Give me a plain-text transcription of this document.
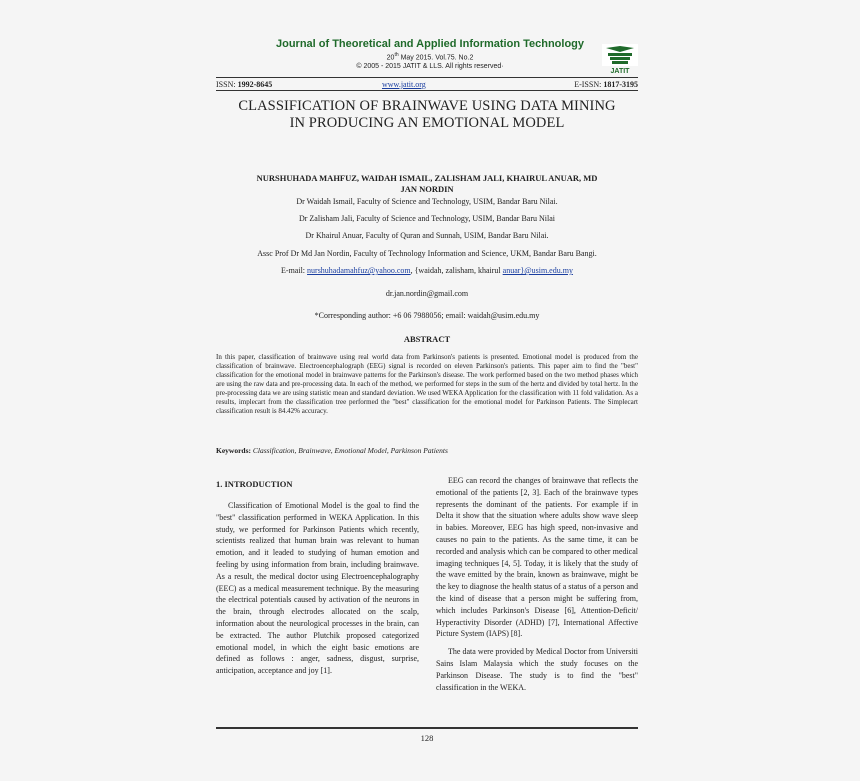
Journal of Theoretical and Applied Information Technology
20th May 2015. Vol.75. No.2
© 2005 - 2015 JATIT & LLS. All rights reserved·
JATIT
ISSN: 1992-8645	www.jatit.org	E-ISSN: 1817-3195
CLASSIFICATION OF BRAINWAVE USING DATA MINING
IN PRODUCING AN EMOTIONAL MODEL
NURSHUHADA MAHFUZ, WAIDAH ISMAIL, ZALISHAM JALI, KHAIRUL ANUAR, MD
JAN NORDIN
Dr Waidah Ismail, Faculty of Science and Technology, USIM, Bandar Baru Nilai.
Dr Zalisham Jali, Faculty of Science and Technology, USIM, Bandar Baru Nilai
Dr Khairul Anuar, Faculty of Quran and Sunnah, USIM, Bandar Baru Nilai.
Assc Prof Dr Md Jan Nordin, Faculty of Technology Information and Science, UKM, Bandar Baru Bangi.
E-mail: nurshuhadamahfuz@yahoo.com, {waidah, zalisham, khairul anuar}@usim.edu.my
dr.jan.nordin@gmail.com
*Corresponding author: +6 06 7988056; email: waidah@usim.edu.my
ABSTRACT
In this paper, classification of brainwave using real world data from Parkinson's patients is presented. Emotional model is produced from the classification of brainwave. Electroencephalograph (EEG) signal is recorded on eleven Parkinson's patients. This paper aim to find the "best" classification for the emotional model in brainwave patterns for the Parkinson's disease. The work performed based on the two method phases which are using the raw data and pre-processing data. In each of the method, we performed for steps in the sum of the hertz and divided by total hertz. In the pre-processing data we are using statistic mean and standard deviation. We used WEKA Application for the classification with 11 fold validation. As a results, implecart from the classification tree performed the "best" classification for the emotional model for Parkinson Patients. The Simplecart classification result is 84.42% accuracy.
Keywords: Classification, Brainwave, Emotional Model, Parkinson Patients
1. INTRODUCTION

Classification of Emotional Model is the goal to find the "best" classification performed in WEKA Application. In this study, we performed for Parkinson Patients which recently, scientists realized that human brain was relevant to human emotion, and it leaded to studying of human emotion and feeling by using information from brain, including brainwave. As a result, the medical doctor using Electroencephalography (EEC) as a medical measurement technique. By the measuring the electrical potentials caused by activation of the neurons in the brain, through electrodes allocated on the scalp, information about the neurological processes in the brain, can be extracted. The author Plutchik proposed categorized emotional model, in which the eight basic emotions are defined as follows : anger, sadness, disgust, surprise, anticipation, acceptance and joy [1].

EEG can record the changes of brainwave that reflects the emotional of the patients [2, 3]. Each of the brainwave types represents the dominant of the patients. For example if in Delta it show that the situation where adults show wave sleep in babies. Moreover, EEG has high speed, non-invasive and causes no pain to the patients. As the same time, it can be recorded and analysis which can be compared to other medical imaging techniques [4, 5]. Today, it is likely that the study of the wave emitted by the brain, known as brainwave, might be the key to diagnose the health status of a status of a person and the kind of disease that a person might be suffering from, which includes Parkinson's Disease [6], Attention-Deficit/ Hyperactivity Disorder (ADHD) [7], International Affective Picture System (IAPS) [8].

The data were provided by Medical Doctor from Universiti Sains Islam Malaysia which the study focuses on the Parkinson Disease. The study is to find the "best" classification in the WEKA.

128
